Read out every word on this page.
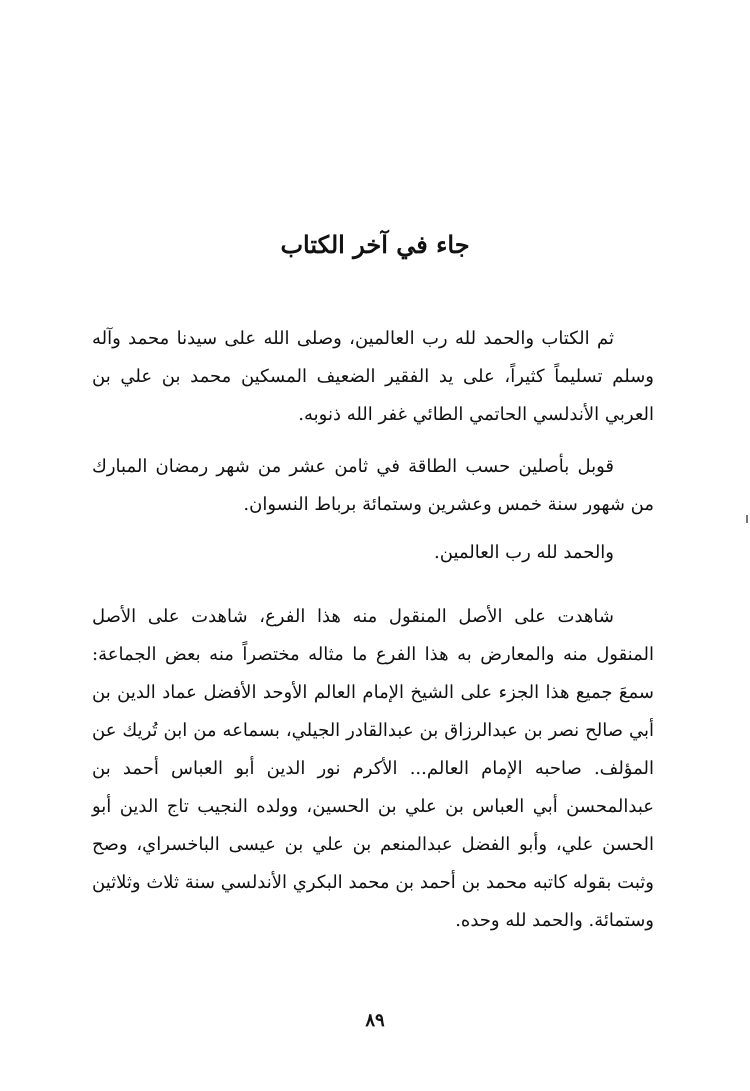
جاء في آخر الكتاب

ثم الكتاب والحمد لله رب العالمين، وصلى الله على سيدنا محمد وآله وسلم تسليماً كثيراً، على يد الفقير الضعيف المسكين محمد بن علي بن العربي الأندلسي الحاتمي الطائي غفر الله ذنوبه.

قوبل بأصلين حسب الطاقة في ثامن عشر من شهر رمضان المبارك من شهور سنة خمس وعشرين وستمائة برباط النسوان.

والحمد لله رب العالمين.

شاهدت على الأصل المنقول منه هذا الفرع، شاهدت على الأصل المنقول منه والمعارض به هذا الفرع ما مثاله مختصراً منه بعض الجماعة: سمعَ جميع هذا الجزء على الشيخ الإمام العالم الأوحد الأفضل عماد الدين بن أبي صالح نصر بن عبدالرزاق بن عبدالقادر الجيلي، بسماعه من ابن تُريك عن المؤلف. صاحبه الإمام العالم... الأكرم نور الدين أبو العباس أحمد بن عبدالمحسن أبي العباس بن علي بن الحسين، وولده النجيب تاج الدين أبو الحسن علي، وأبو الفضل عبدالمنعم بن علي بن عيسى الباخسراي، وصح وثبت بقوله كاتبه محمد بن أحمد بن محمد البكري الأندلسي سنة ثلاث وثلاثين وستمائة. والحمد لله وحده.

٨٩
